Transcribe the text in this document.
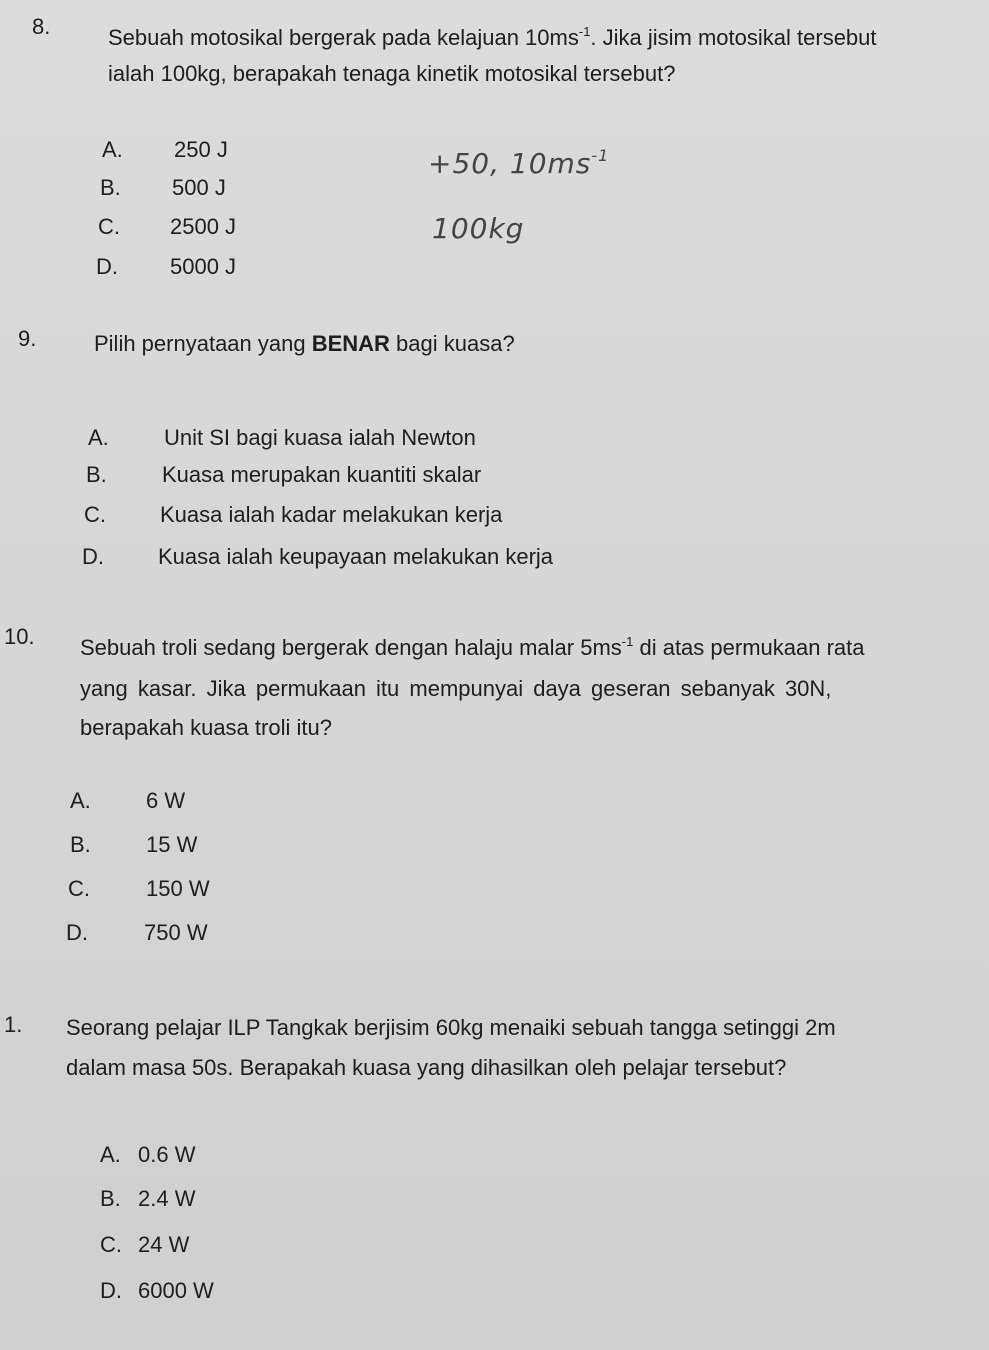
8.	Sebuah motosikal bergerak pada kelajuan $10ms^{-1}$. Jika jisim motosikal tersebut
ialah 100kg, berapakah tenaga kinetik motosikal tersebut?
A. 250 J
B. 500 J
C. 2500 J
D. 5000 J
+50, $10ms^{-1}$
100kg
9.	Pilih pernyataan yang BENAR bagi kuasa?
A.	Unit SI bagi kuasa ialah Newton
B.	Kuasa merupakan kuantiti skalar
C. Kuasa ialah kadar melakukan kerja
D. Kuasa ialah keupayaan melakukan kerja
10. Sebuah troli sedang bergerak dengan halaju malar $5ms^{-1}$ di atas permukaan rata
yang kasar. Jika permukaan itu mempunyai daya geseran sebanyak 30N,
berapakah kuasa troli itu?
A.	6 W
B.	15 W
C.	150 W
D.	750 W
1. Seorang pelajar ILP Tangkak berjisim 60kg menaiki sebuah tangga setinggi 2m
dalam masa 50s. Berapakah kuasa yang dihasilkan oleh pelajar tersebut?
A. 0.6 W
B. 2.4 W
C. 24 W
D. 6000 W
